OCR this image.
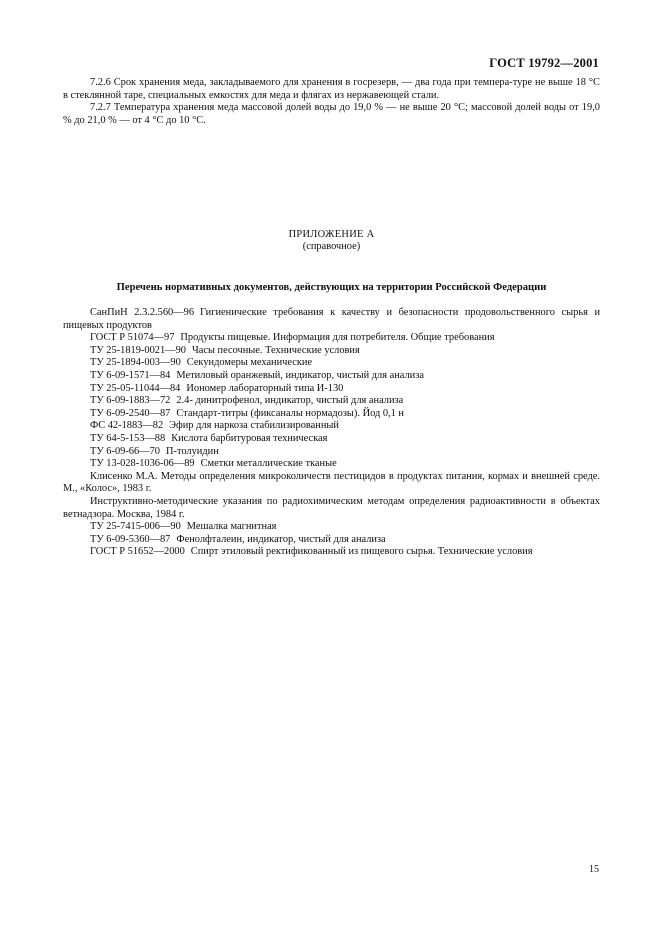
ГОСТ 19792—2001

7.2.6 Срок хранения меда, закладываемого для хранения в госрезерв, — два года при темпера-туре не выше 18 °С в стеклянной таре, специальных емкостях для меда и флягах из нержавеющей стали.

7.2.7 Температура хранения меда массовой долей воды до 19,0 % — не выше 20 °С; массовой долей воды от 19,0 % до 21,0 % — от 4 °С до 10 °С.

ПРИЛОЖЕНИЕ А
(справочное)
Перечень нормативных документов, действующих на территории Российской Федерации

СанПиН 2.3.2.560—96 Гигиенические требования к качеству и безопасности продовольственного сырья и пищевых продуктов

ГОСТ Р 51074—97 Продукты пищевые. Информация для потребителя. Общие требования

ТУ 25-1819-0021—90 Часы песочные. Технические условия

ТУ 25-1894-003—90 Секундомеры механические

ТУ 6-09-1571—84 Метиловый оранжевый, индикатор, чистый для анализа

ТУ 25-05-11044—84 Иономер лабораторный типа И-130

ТУ 6-09-1883—72 2.4- динитрофенол, индикатор, чистый для анализа

ТУ 6-09-2540—87 Стандарт-титры (фиксаналы нормадозы). Йод 0,1 н

ФС 42-1883—82 Эфир для наркоза стабилизированный

ТУ 64-5-153—88 Кислота барбитуровая техническая

ТУ 6-09-66—70 П-толуидин

ТУ 13-028-1036-06—89 Сметки металлические тканые

Клисенко М.А. Методы определения микроколичеств пестицидов в продуктах питания, кормах и внешней среде. М., «Колос», 1983 г.

Инструктивно-методические указания по радиохимическим методам определения радиоактивности в объектах ветнадзора. Москва, 1984 г.

ТУ 25-7415-006—90 Мешалка магнитная

ТУ 6-09-5360—87 Фенолфталеин, индикатор, чистый для анализа

ГОСТ Р 51652—2000 Спирт этиловый ректификованный из пищевого сырья. Технические условия

15
